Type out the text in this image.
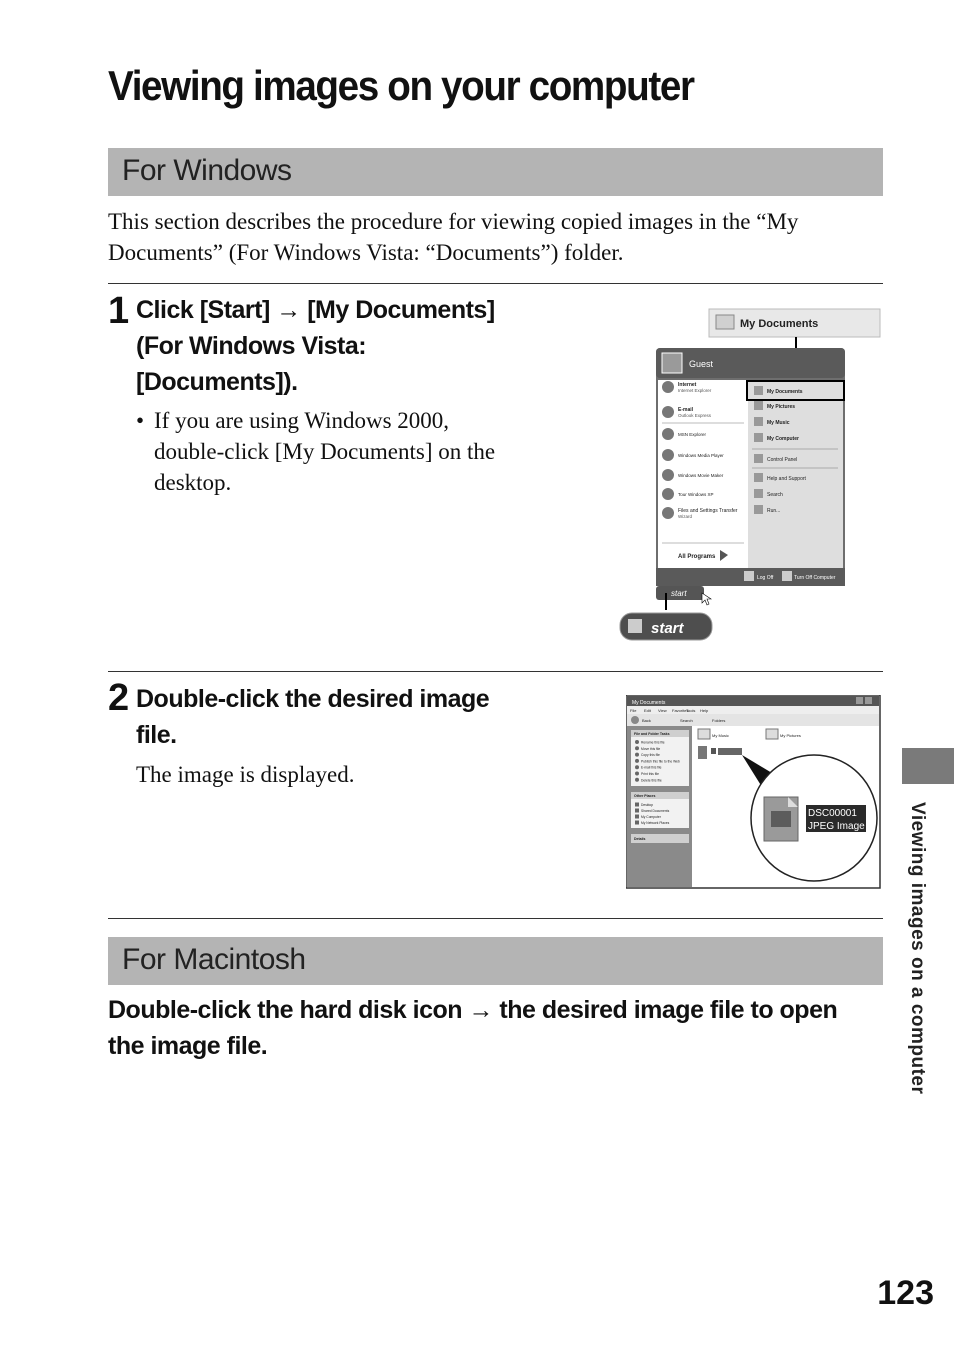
Viewing images on your computer
For Windows
This section describes the procedure for viewing copied images in the “My Documents” (For Windows Vista: “Documents”) folder.
1 Click [Start] → [My Documents]
(For Windows Vista:
[Documents]).
• If you are using Windows 2000,
double-click [My Documents] on the
desktop.
My Documents
Guest
Internet
Internet Explorer
E-mail
Outlook Express
MSN Explorer
Windows Media Player
Windows Movie Maker
Tour Windows XP
Files and Settings Transfer
Wizard
All Programs
My Documents
My Pictures
My Music
My Computer
Control Panel
Help and Support
Search
Run...
Log Off	Turn Off Computer
start
start
2 Double-click the desired image
file.
The image is displayed.
My Documents
File Edit View Favorites
Tools Help
Back	Search	Folders
File and Folder Tasks
Rename this file
Move this file
Copy this file
Publish this file to the Web
E-mail this file
Print this file
Delete this file
Other Places
Desktop
Shared Documents
My Computer
My Network Places
Details
My Music	My Pictures
DSC00001
JPEG Image
For Macintosh
Double-click the hard disk icon → the desired image file to open
the image file.	Viewing images on a computer
123
